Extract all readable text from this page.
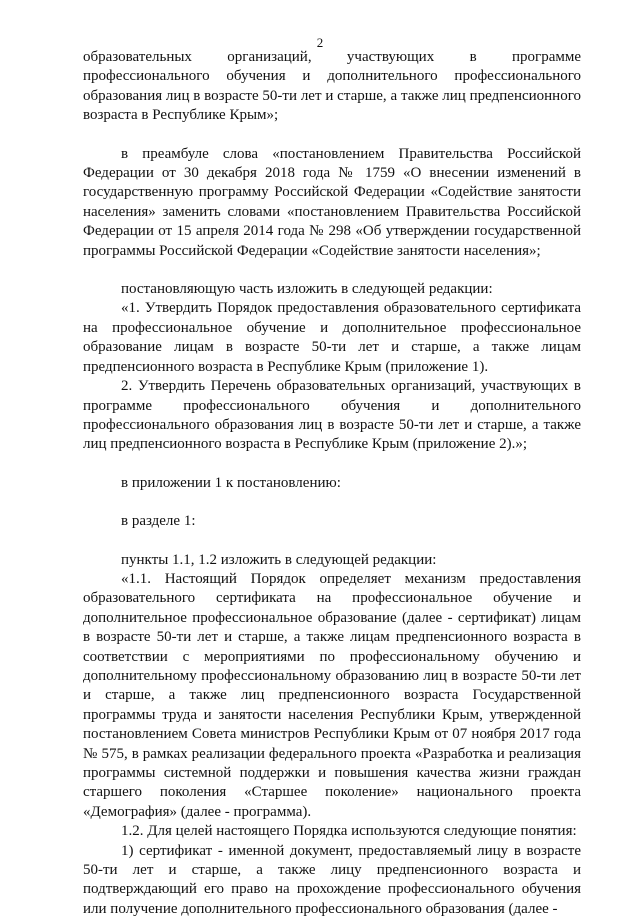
2

образовательных организаций, участвующих в программе профессионального обучения и дополнительного профессионального образования лиц в возрасте 50-ти лет и старше, а также лиц предпенсионного возраста в Республике Крым»;

в преамбуле слова «постановлением Правительства Российской Федерации от 30 декабря 2018 года № 1759 «О внесении изменений в государственную программу Российской Федерации «Содействие занятости населения» заменить словами «постановлением Правительства Российской Федерации от 15 апреля 2014 года № 298 «Об утверждении государственной программы Российской Федерации «Содействие занятости населения»;

постановляющую часть изложить в следующей редакции:

«1. Утвердить Порядок предоставления образовательного сертификата на профессиональное обучение и дополнительное профессиональное образование лицам в возрасте 50-ти лет и старше, а также лицам предпенсионного возраста в Республике Крым (приложение 1).

2. Утвердить Перечень образовательных организаций, участвующих в программе профессионального обучения и дополнительного профессионального образования лиц в возрасте 50-ти лет и старше, а также лиц предпенсионного возраста в Республике Крым (приложение 2).»;

в приложении 1 к постановлению:

в разделе 1:

пункты 1.1, 1.2 изложить в следующей редакции:

«1.1. Настоящий Порядок определяет механизм предоставления образовательного сертификата на профессиональное обучение и дополнительное профессиональное образование (далее - сертификат) лицам в возрасте 50-ти лет и старше, а также лицам предпенсионного возраста в соответствии с мероприятиями по профессиональному обучению и дополнительному профессиональному образованию лиц в возрасте 50-ти лет и старше, а также лиц предпенсионного возраста Государственной программы труда и занятости населения Республики Крым, утвержденной постановлением Совета министров Республики Крым от 07 ноября 2017 года № 575, в рамках реализации федерального проекта «Разработка и реализация программы системной поддержки и повышения качества жизни граждан старшего поколения «Старшее поколение» национального проекта «Демография» (далее - программа).

1.2. Для целей настоящего Порядка используются следующие понятия:

1) сертификат - именной документ, предоставляемый лицу в возрасте 50-ти лет и старше, а также лицу предпенсионного возраста и подтверждающий его право на прохождение профессионального обучения или получение дополнительного профессионального образования (далее -
